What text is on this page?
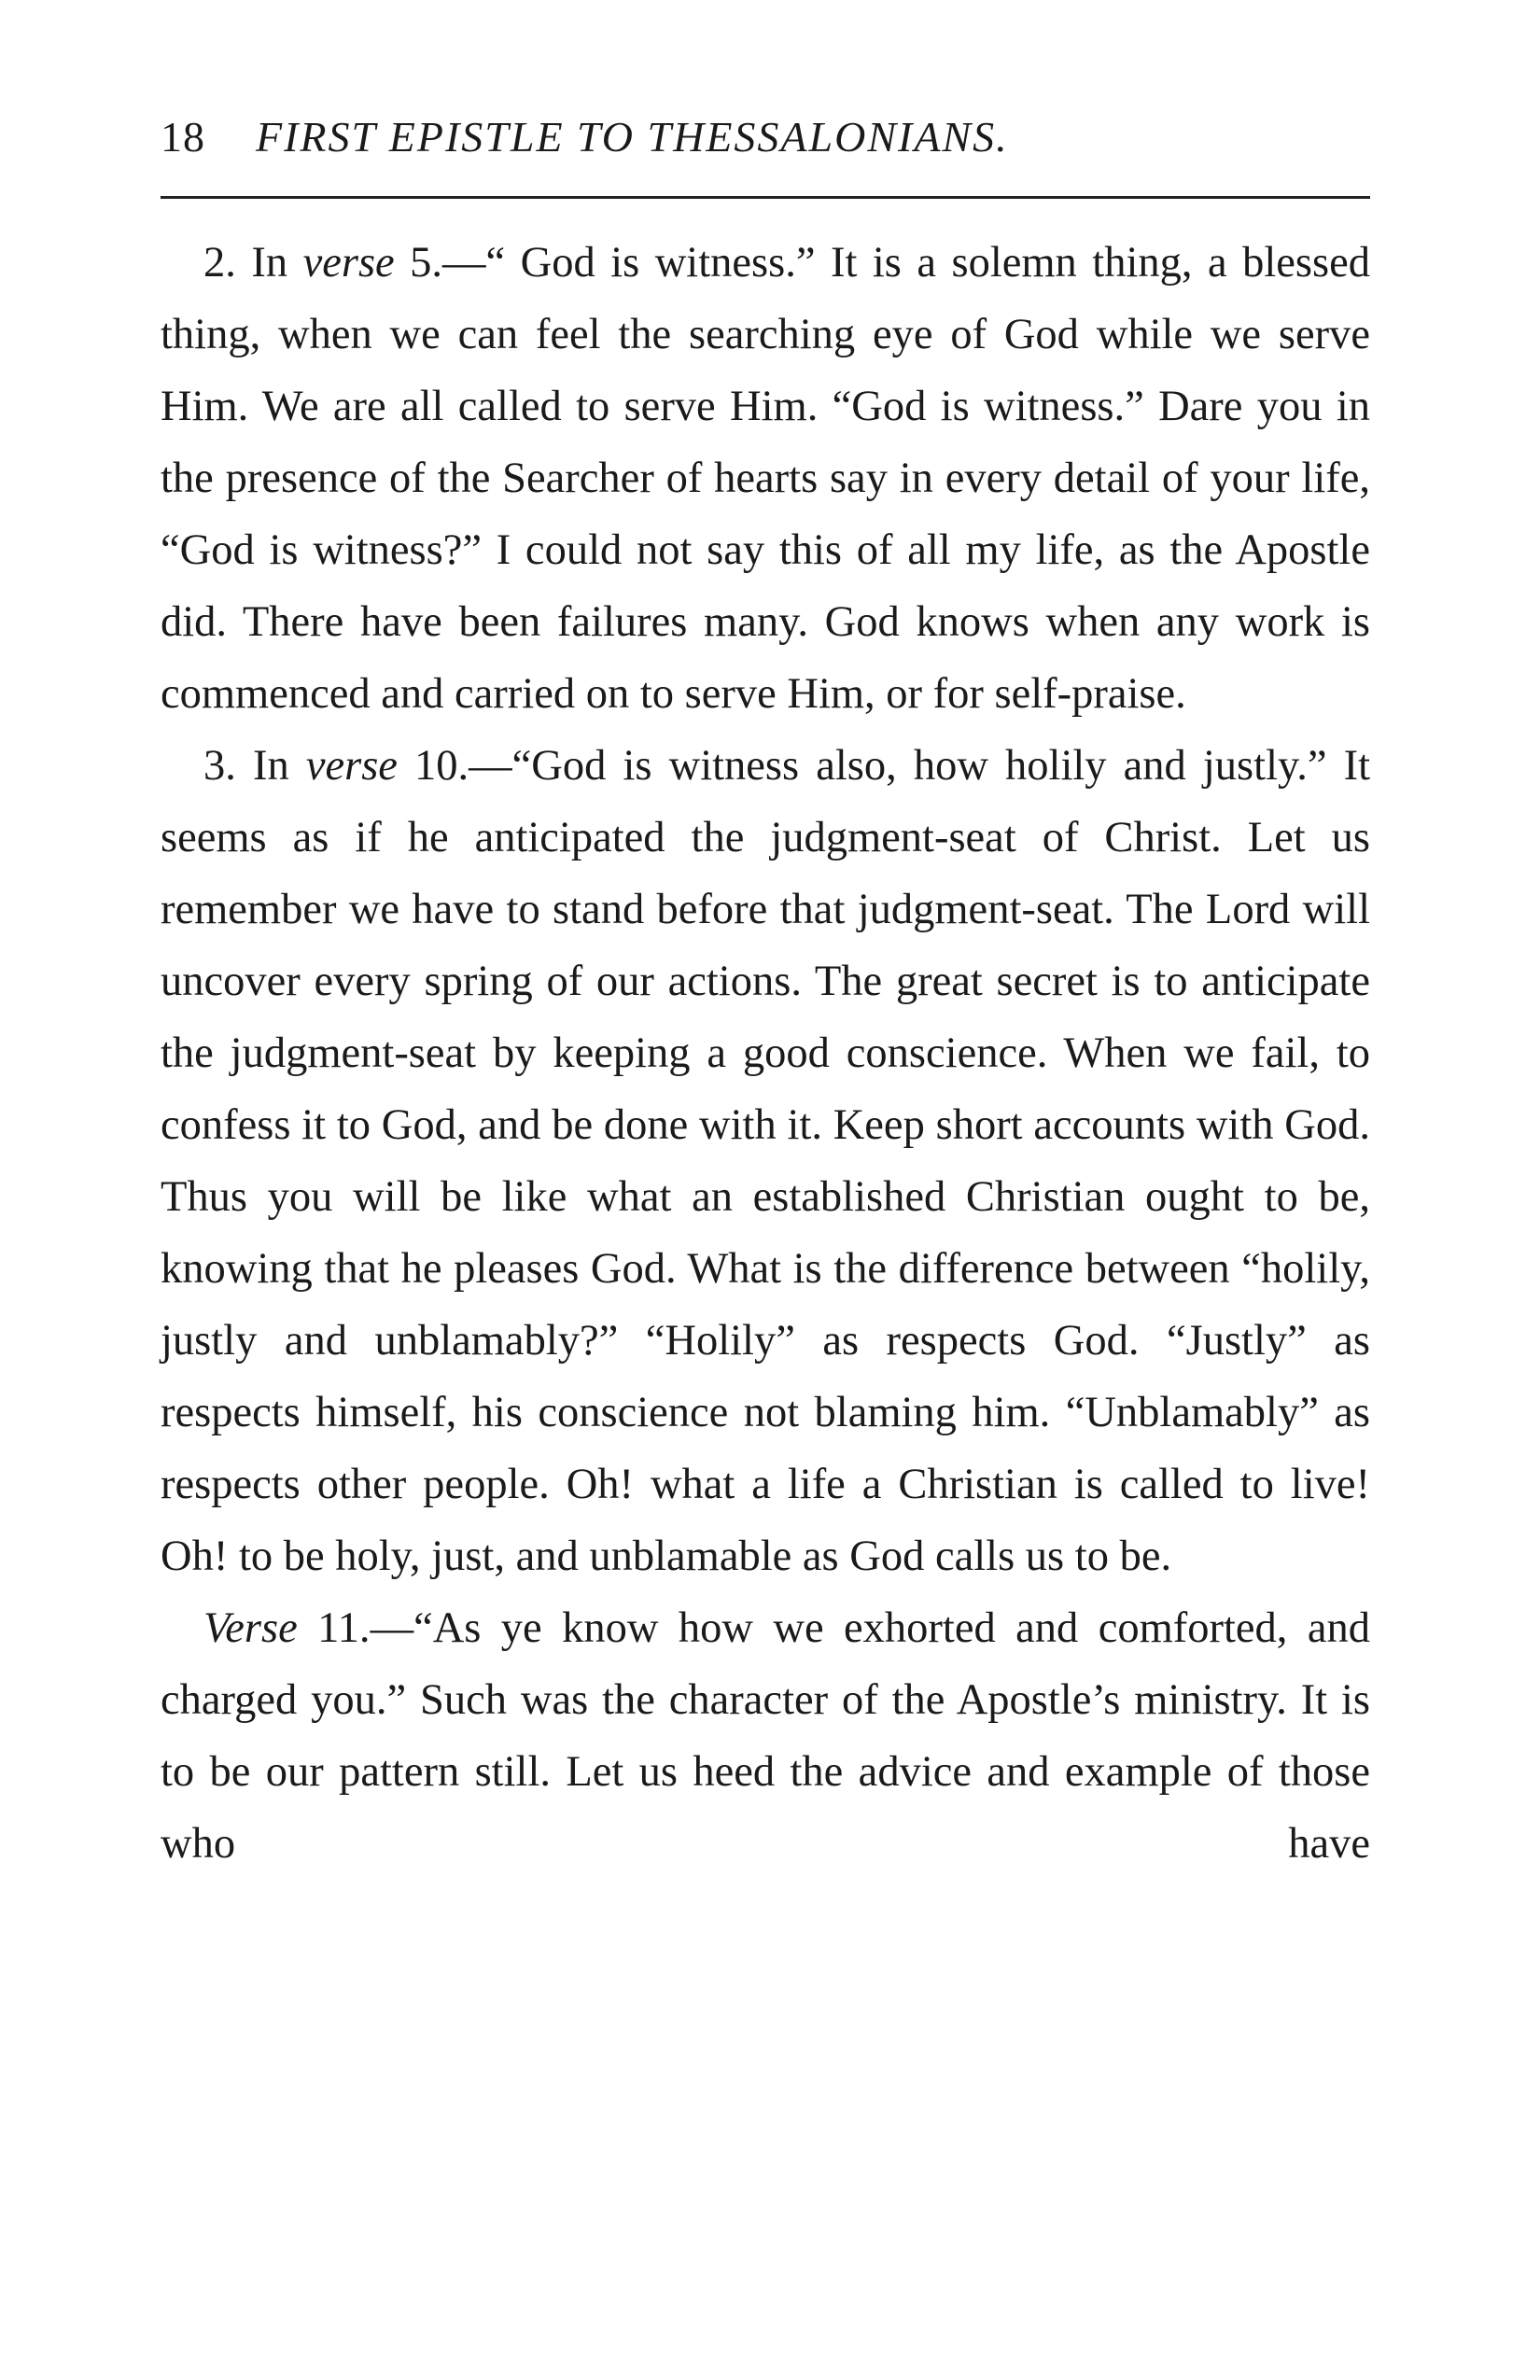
18 FIRST EPISTLE TO THESSALONIANS.

2. In verse 5.—“ God is witness.” It is a solemn thing, a blessed thing, when we can feel the searching eye of God while we serve Him. We are all called to serve Him. “God is witness.” Dare you in the presence of the Searcher of hearts say in every detail of your life, “God is witness?” I could not say this of all my life, as the Apostle did. There have been failures many. God knows when any work is commenced and carried on to serve Him, or for self-praise.

3. In verse 10.—“God is witness also, how holily and justly.” It seems as if he anticipated the judgment-seat of Christ. Let us remember we have to stand before that judgment-seat. The Lord will uncover every spring of our actions. The great secret is to anticipate the judgment-seat by keeping a good conscience. When we fail, to confess it to God, and be done with it. Keep short accounts with God. Thus you will be like what an established Christian ought to be, knowing that he pleases God. What is the difference between “holily, justly and unblamably?” “Holily” as respects God. “Justly” as respects himself, his conscience not blaming him. “Unblamably” as respects other people. Oh! what a life a Christian is called to live! Oh! to be holy, just, and unblamable as God calls us to be.

Verse 11.—“As ye know how we exhorted and comforted, and charged you.” Such was the character of the Apostle’s ministry. It is to be our pattern still. Let us heed the advice and example of those who have
